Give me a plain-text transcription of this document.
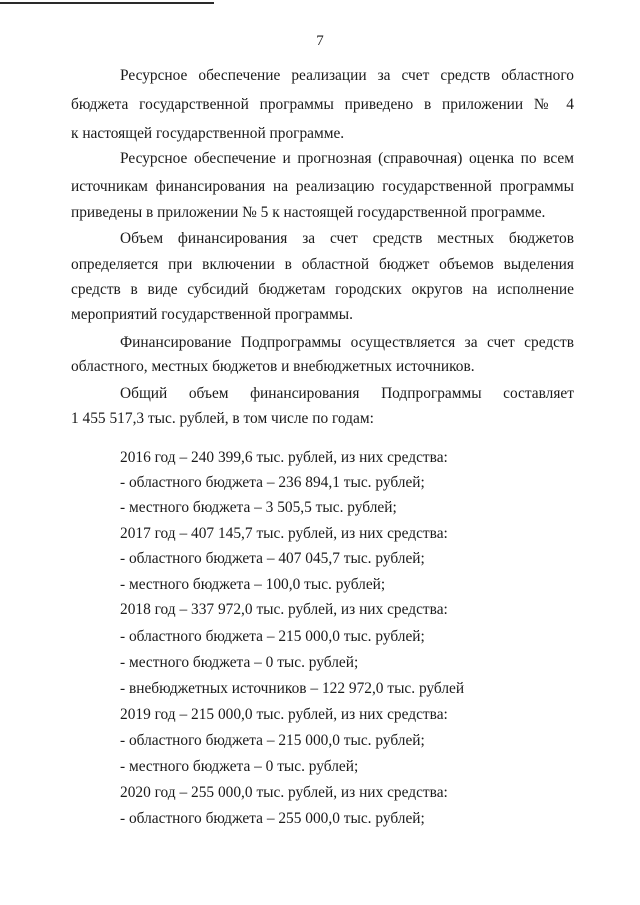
7
Ресурсное обеспечение реализации за счет средств областного
бюджета государственной программы приведено в приложении № 4
к настоящей государственной программе.
Ресурсное обеспечение и прогнозная (справочная) оценка по всем
источникам финансирования на реализацию государственной программы
приведены в приложении № 5 к настоящей государственной программе.
Объем финансирования за счет средств местных бюджетов
определяется при включении в областной бюджет объемов выделения
средств в виде субсидий бюджетам городских округов на исполнение
мероприятий государственной программы.
Финансирование Подпрограммы осуществляется за счет средств
областного, местных бюджетов и внебюджетных источников.
Общий объем финансирования Подпрограммы составляет
1 455 517,3 тыс. рублей, в том числе по годам:
2016 год – 240 399,6 тыс. рублей, из них средства:
- областного бюджета – 236 894,1 тыс. рублей;
- местного бюджета – 3 505,5 тыс. рублей;
2017 год – 407 145,7 тыс. рублей, из них средства:
- областного бюджета – 407 045,7 тыс. рублей;
- местного бюджета – 100,0 тыс. рублей;
2018 год – 337 972,0 тыс. рублей, из них средства:
- областного бюджета – 215 000,0 тыс. рублей;
- местного бюджета – 0 тыс. рублей;
- внебюджетных источников – 122 972,0 тыс. рублей
2019 год – 215 000,0 тыс. рублей, из них средства:
- областного бюджета – 215 000,0 тыс. рублей;
- местного бюджета – 0 тыс. рублей;
2020 год – 255 000,0 тыс. рублей, из них средства:
- областного бюджета – 255 000,0 тыс. рублей;
